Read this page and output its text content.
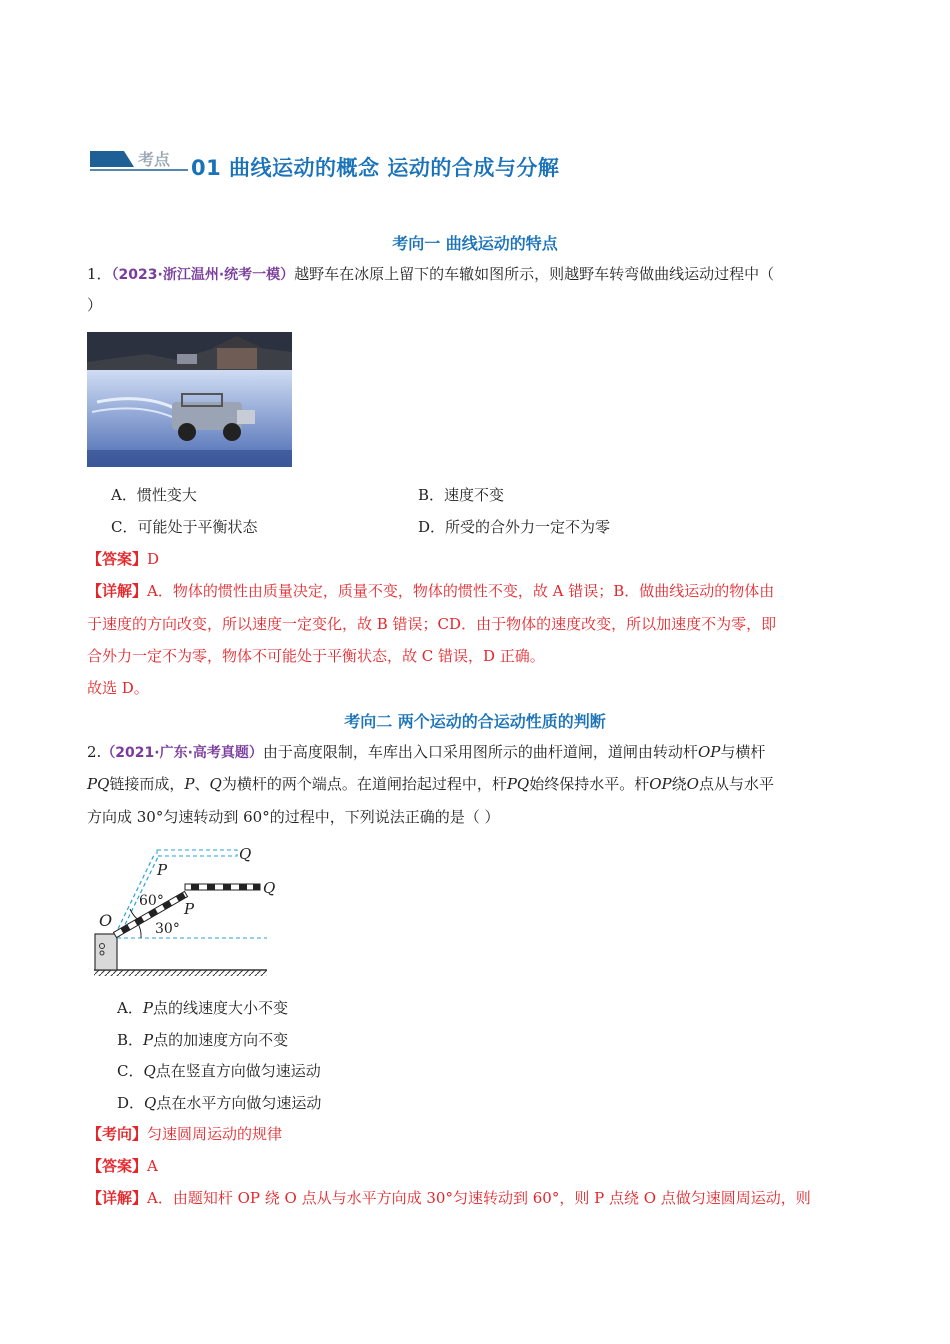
考点 01 曲线运动的概念 运动的合成与分解
考向一 曲线运动的特点
1．（2023·浙江温州·统考一模）越野车在冰原上留下的车辙如图所示，则越野车转弯做曲线运动过程中（
）
A．惯性变大	B．速度不变
C．可能处于平衡状态	D．所受的合外力一定不为零
【答案】D
【详解】A．物体的惯性由质量决定，质量不变，物体的惯性不变，故 A 错误；B．做曲线运动的物体由
于速度的方向改变，所以速度一定变化，故 B 错误；CD．由于物体的速度改变，所以加速度不为零，即
合外力一定不为零，物体不可能处于平衡状态，故 C 错误，D 正确。
故选 D。
考向二 两个运动的合运动性质的判断
2.（2021·广东·高考真题）由于高度限制，车库出入口采用图所示的曲杆道闸，道闸由转动杆OP与横杆
PQ链接而成，P、Q为横杆的两个端点。在道闸抬起过程中，杆PQ始终保持水平。杆OP绕O点从与水平
方向成 30°匀速转动到 60°的过程中，下列说法正确的是（ ）
O
P
Q
P
Q
60°
30°
A．P点的线速度大小不变
B．P点的加速度方向不变
C．Q点在竖直方向做匀速运动
D．Q点在水平方向做匀速运动
【考向】匀速圆周运动的规律
【答案】A
【详解】A．由题知杆 OP 绕 O 点从与水平方向成 30°匀速转动到 60°，则 P 点绕 O 点做匀速圆周运动，则
